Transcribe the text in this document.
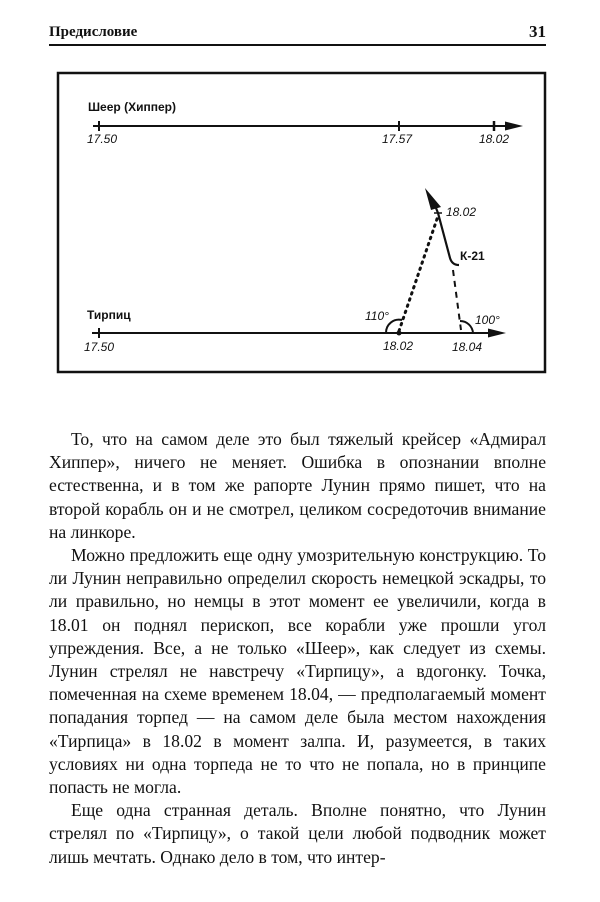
Предисловие	31
Шеер (Хиппер)
17.50	17.57	18.02
Тирпиц
17.50	18.02	18.04
18.02
К-21
110°	100°

То, что на самом деле это был тяжелый крейсер «Адмирал Хиппер», ничего не меняет. Ошибка в опознании вполне естественна, и в том же рапорте Лунин прямо пишет, что на второй корабль он и не смотрел, целиком сосредоточив внимание на линкоре.

Можно предложить еще одну умозрительную конструкцию. То ли Лунин неправильно определил скорость немецкой эскадры, то ли правильно, но немцы в этот момент ее увеличили, когда в 18.01 он поднял перископ, все корабли уже прошли угол упреждения. Все, а не только «Шеер», как следует из схемы. Лунин стрелял не навстречу «Тирпицу», а вдогонку. Точка, помеченная на схеме временем 18.04, — предполагаемый момент попадания торпед — на самом деле была местом нахождения «Тирпица» в 18.02 в момент залпа. И, разумеется, в таких условиях ни одна торпеда не то что не попала, но в принципе попасть не могла.

Еще одна странная деталь. Вполне понятно, что Лунин стрелял по «Тирпицу», о такой цели любой подводник может лишь мечтать. Однако дело в том, что интер-
